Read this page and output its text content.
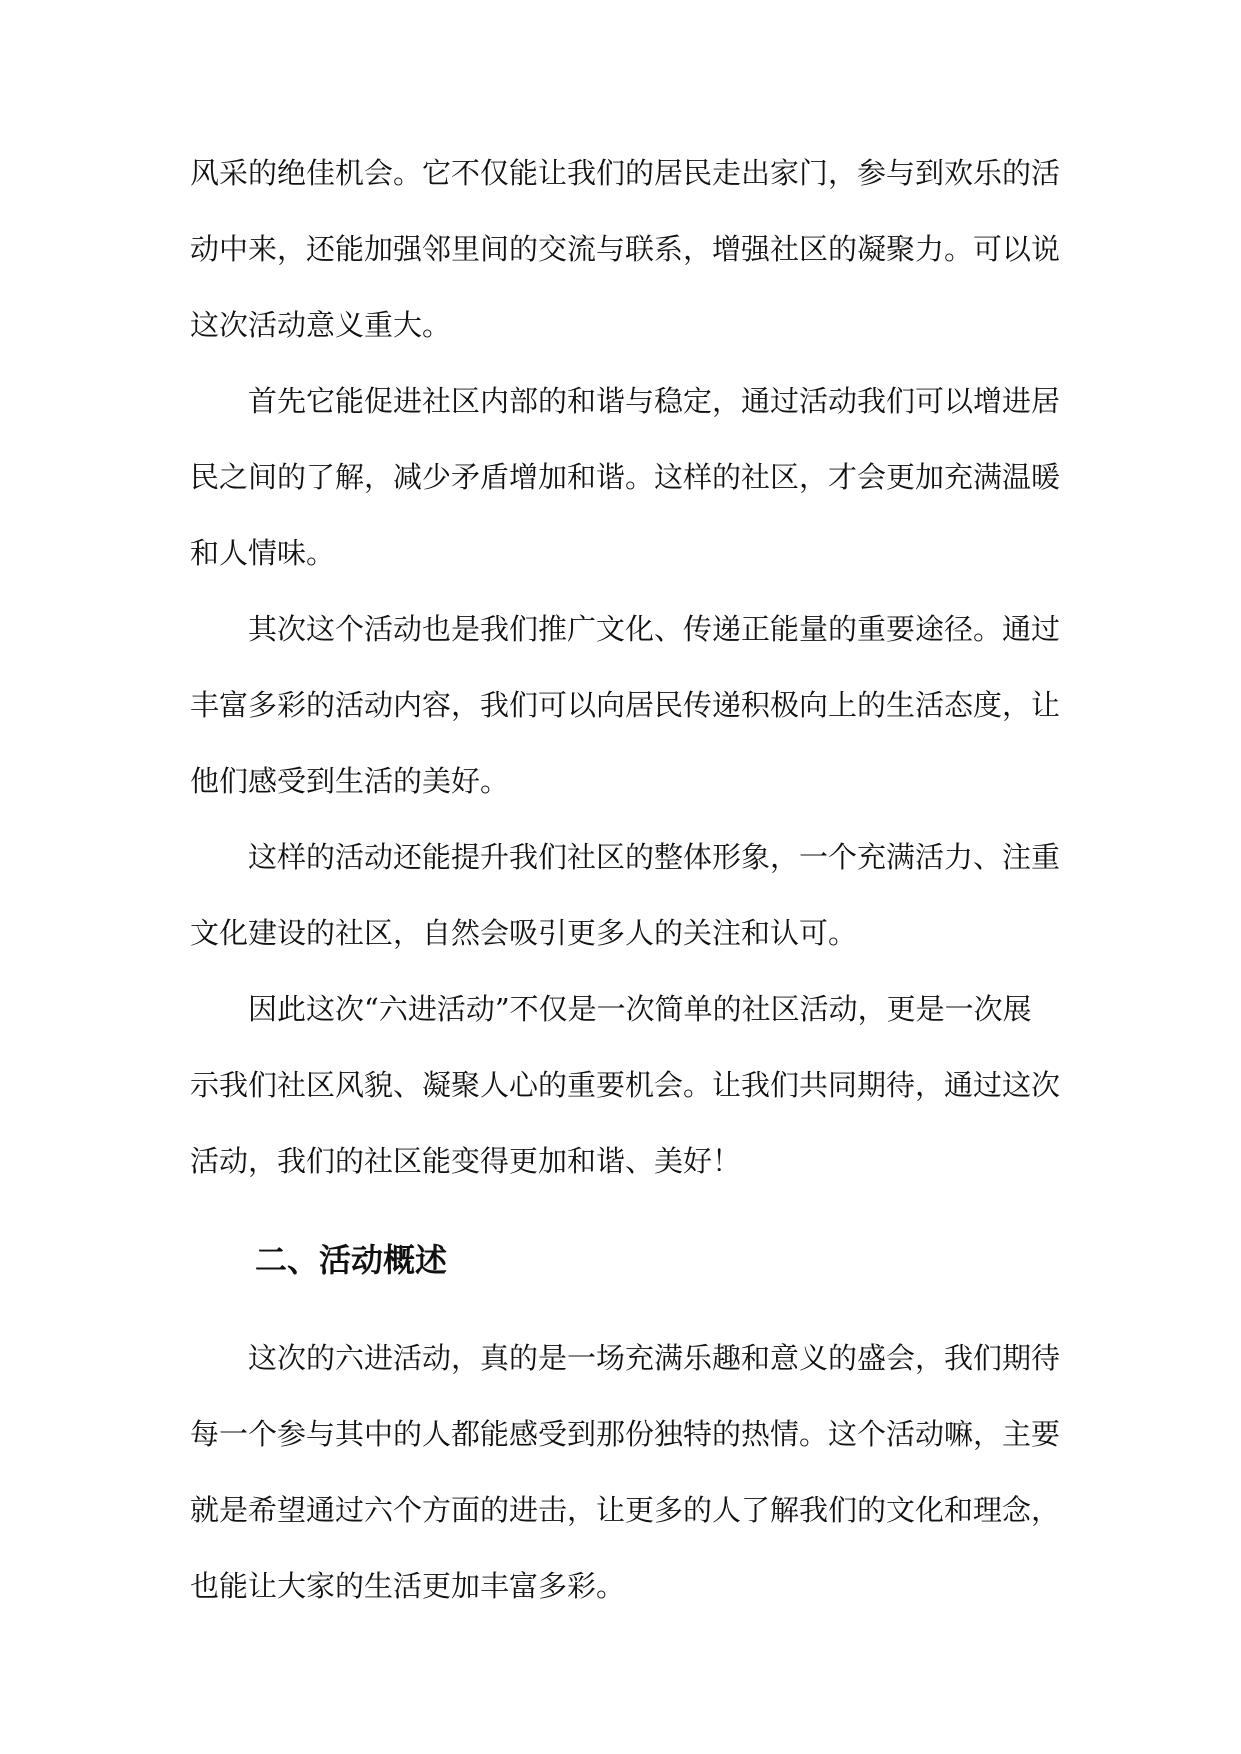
风采的绝佳机会。它不仅能让我们的居民走出家门，参与到欢乐的活
动中来，还能加强邻里间的交流与联系，增强社区的凝聚力。可以说
这次活动意义重大。
　　首先它能促进社区内部的和谐与稳定，通过活动我们可以增进居
民之间的了解，减少矛盾增加和谐。这样的社区，才会更加充满温暖
和人情味。
　　其次这个活动也是我们推广文化、传递正能量的重要途径。通过
丰富多彩的活动内容，我们可以向居民传递积极向上的生活态度，让
他们感受到生活的美好。
　　这样的活动还能提升我们社区的整体形象，一个充满活力、注重
文化建设的社区，自然会吸引更多人的关注和认可。
　　因此这次“六进活动”不仅是一次简单的社区活动，更是一次展
示我们社区风貌、凝聚人心的重要机会。让我们共同期待，通过这次
活动，我们的社区能变得更加和谐、美好！
二、活动概述
　　这次的六进活动，真的是一场充满乐趣和意义的盛会，我们期待
每一个参与其中的人都能感受到那份独特的热情。这个活动嘛，主要
就是希望通过六个方面的进击，让更多的人了解我们的文化和理念，
也能让大家的生活更加丰富多彩。
